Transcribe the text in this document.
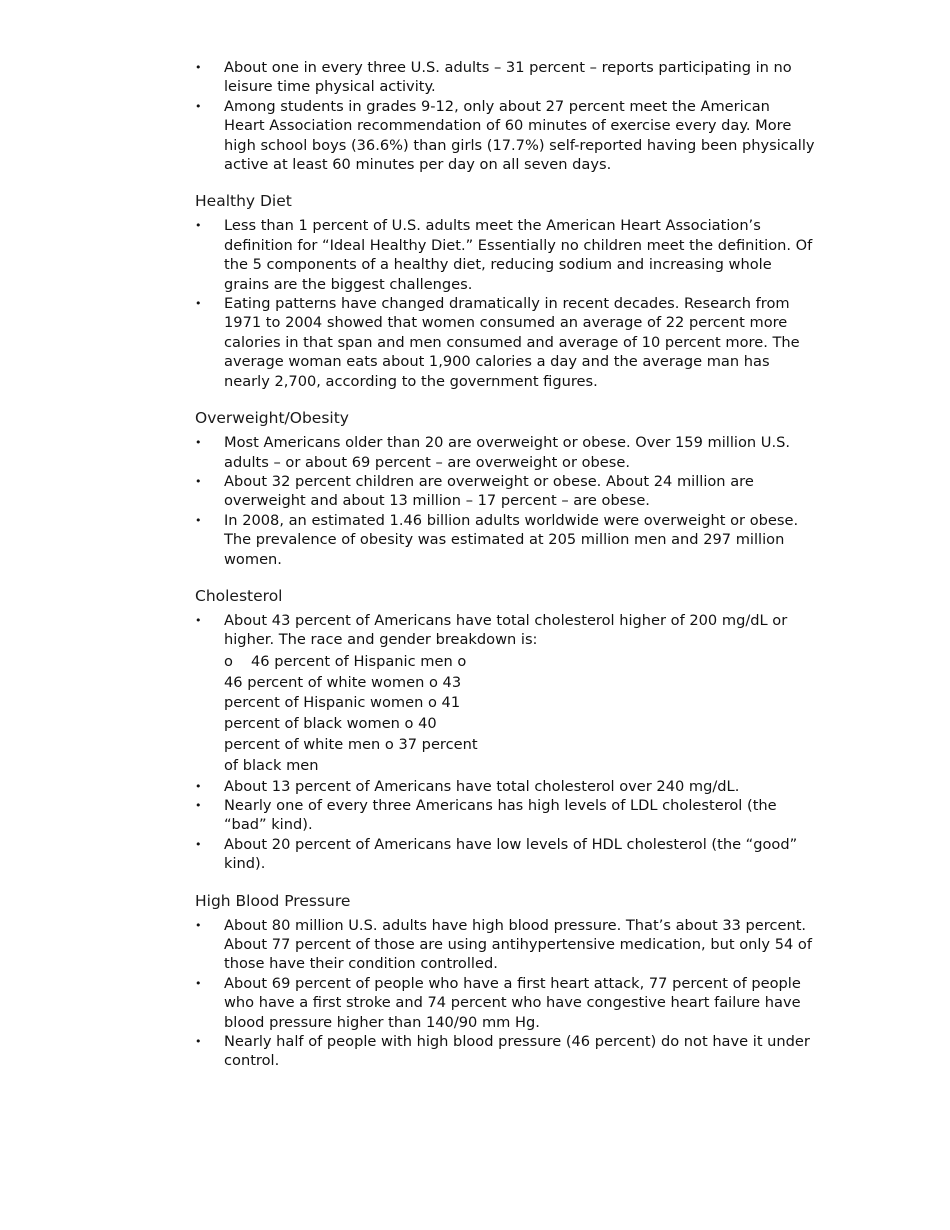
• About one in every three U.S. adults – 31 percent – reports participating in no leisure time physical activity.
• Among students in grades 9-12, only about 27 percent meet the American Heart Association recommendation of 60 minutes of exercise every day. More high school boys (36.6%) than girls (17.7%) self-reported having been physically active at least 60 minutes per day on all seven days.
Healthy Diet
• Less than 1 percent of U.S. adults meet the American Heart Association’s definition for “Ideal Healthy Diet.” Essentially no children meet the definition. Of the 5 components of a healthy diet, reducing sodium and increasing whole grains are the biggest challenges.
• Eating patterns have changed dramatically in recent decades. Research from 1971 to 2004 showed that women consumed an average of 22 percent more calories in that span and men consumed and average of 10 percent more. The average woman eats about 1,900 calories a day and the average man has nearly 2,700, according to the government figures.
Overweight/Obesity
• Most Americans older than 20 are overweight or obese. Over 159 million U.S. adults – or about 69 percent – are overweight or obese.
• About 32 percent children are overweight or obese. About 24 million are overweight and about 13 million – 17 percent – are obese.
• In 2008, an estimated 1.46 billion adults worldwide were overweight or obese. The prevalence of obesity was estimated at 205 million men and 297 million women.
Cholesterol
• About 43 percent of Americans have total cholesterol higher of 200 mg/dL or higher. The race and gender breakdown is:
o 46 percent of Hispanic men o
46 percent of white women o 43
percent of Hispanic women o 41
percent of black women o 40
percent of white men o 37 percent
of black men
• About 13 percent of Americans have total cholesterol over 240 mg/dL.
• Nearly one of every three Americans has high levels of LDL cholesterol (the “bad” kind).
• About 20 percent of Americans have low levels of HDL cholesterol (the “good” kind).
High Blood Pressure
• About 80 million U.S. adults have high blood pressure. That’s about 33 percent. About 77 percent of those are using antihypertensive medication, but only 54 of those have their condition controlled.
• About 69 percent of people who have a first heart attack, 77 percent of people who have a first stroke and 74 percent who have congestive heart failure have blood pressure higher than 140/90 mm Hg.
• Nearly half of people with high blood pressure (46 percent) do not have it under control.
